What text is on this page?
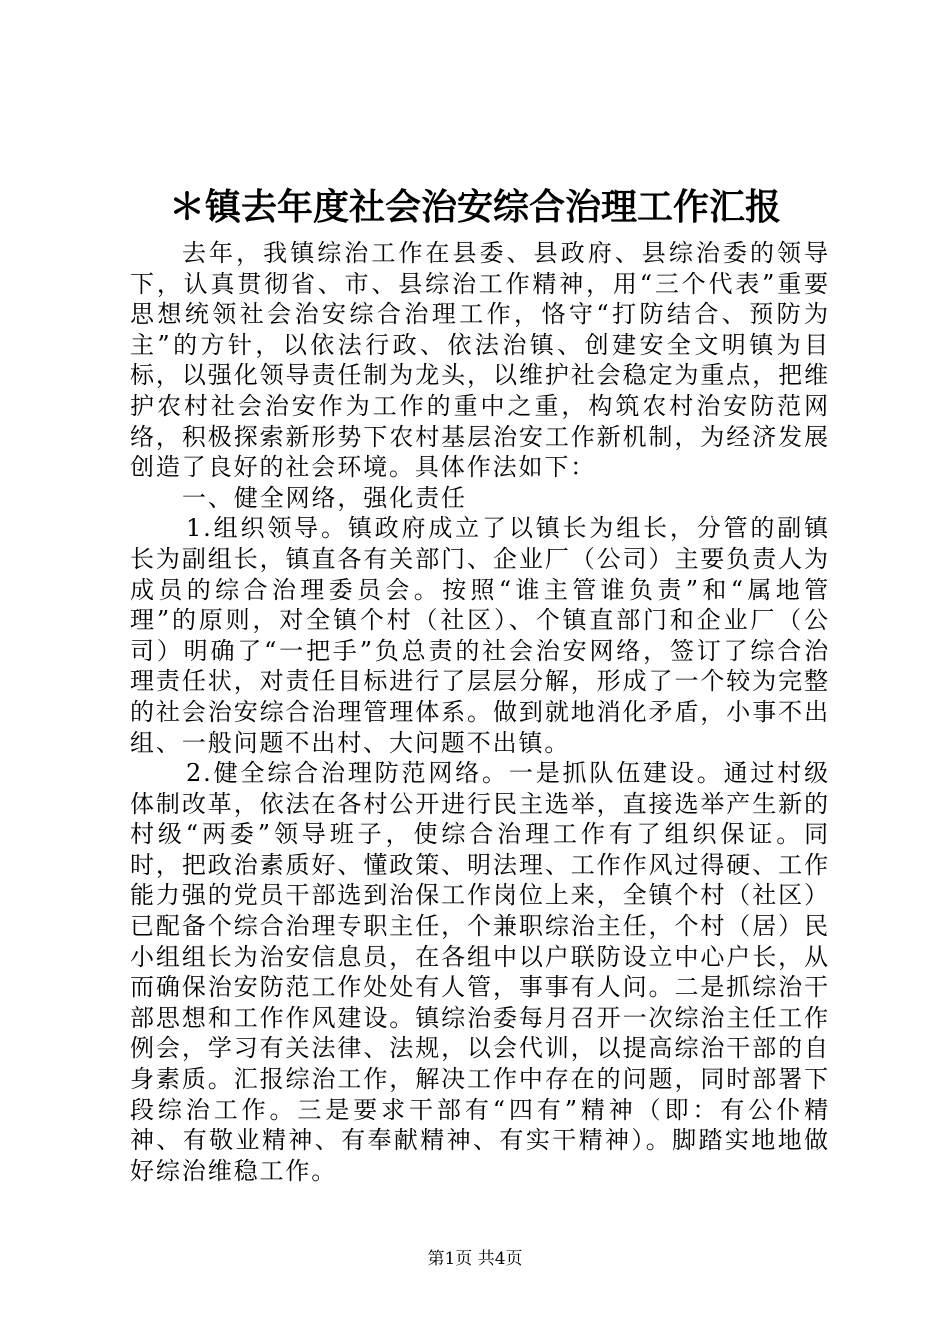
＊镇去年度社会治安综合治理工作汇报

去年，我镇综治工作在县委、县政府、县综治委的领导下，认真贯彻省、市、县综治工作精神，用“三个代表”重要思想统领社会治安综合治理工作，恪守“打防结合、预防为主”的方针，以依法行政、依法治镇、创建安全文明镇为目标，以强化领导责任制为龙头，以维护社会稳定为重点，把维护农村社会治安作为工作的重中之重，构筑农村治安防范网络，积极探索新形势下农村基层治安工作新机制，为经济发展创造了良好的社会环境。具体作法如下：

一、健全网络，强化责任

1.组织领导。镇政府成立了以镇长为组长，分管的副镇长为副组长，镇直各有关部门、企业厂（公司）主要负责人为成员的综合治理委员会。按照“谁主管谁负责”和“属地管理”的原则，对全镇个村（社区）、个镇直部门和企业厂（公司）明确了“一把手”负总责的社会治安网络，签订了综合治理责任状，对责任目标进行了层层分解，形成了一个较为完整的社会治安综合治理管理体系。做到就地消化矛盾，小事不出组、一般问题不出村、大问题不出镇。

2.健全综合治理防范网络。一是抓队伍建设。通过村级体制改革，依法在各村公开进行民主选举，直接选举产生新的村级“两委”领导班子，使综合治理工作有了组织保证。同时，把政治素质好、懂政策、明法理、工作作风过得硬、工作能力强的党员干部选到治保工作岗位上来，全镇个村（社区）已配备个综合治理专职主任，个兼职综治主任，个村（居）民小组组长为治安信息员，在各组中以户联防设立中心户长，从而确保治安防范工作处处有人管，事事有人问。二是抓综治干部思想和工作作风建设。镇综治委每月召开一次综治主任工作例会，学习有关法律、法规，以会代训，以提高综治干部的自身素质。汇报综治工作，解决工作中存在的问题，同时部署下段综治工作。三是要求干部有“四有”精神（即：有公仆精神、有敬业精神、有奉献精神、有实干精神）。脚踏实地地做好综治维稳工作。

第1页 共4页
